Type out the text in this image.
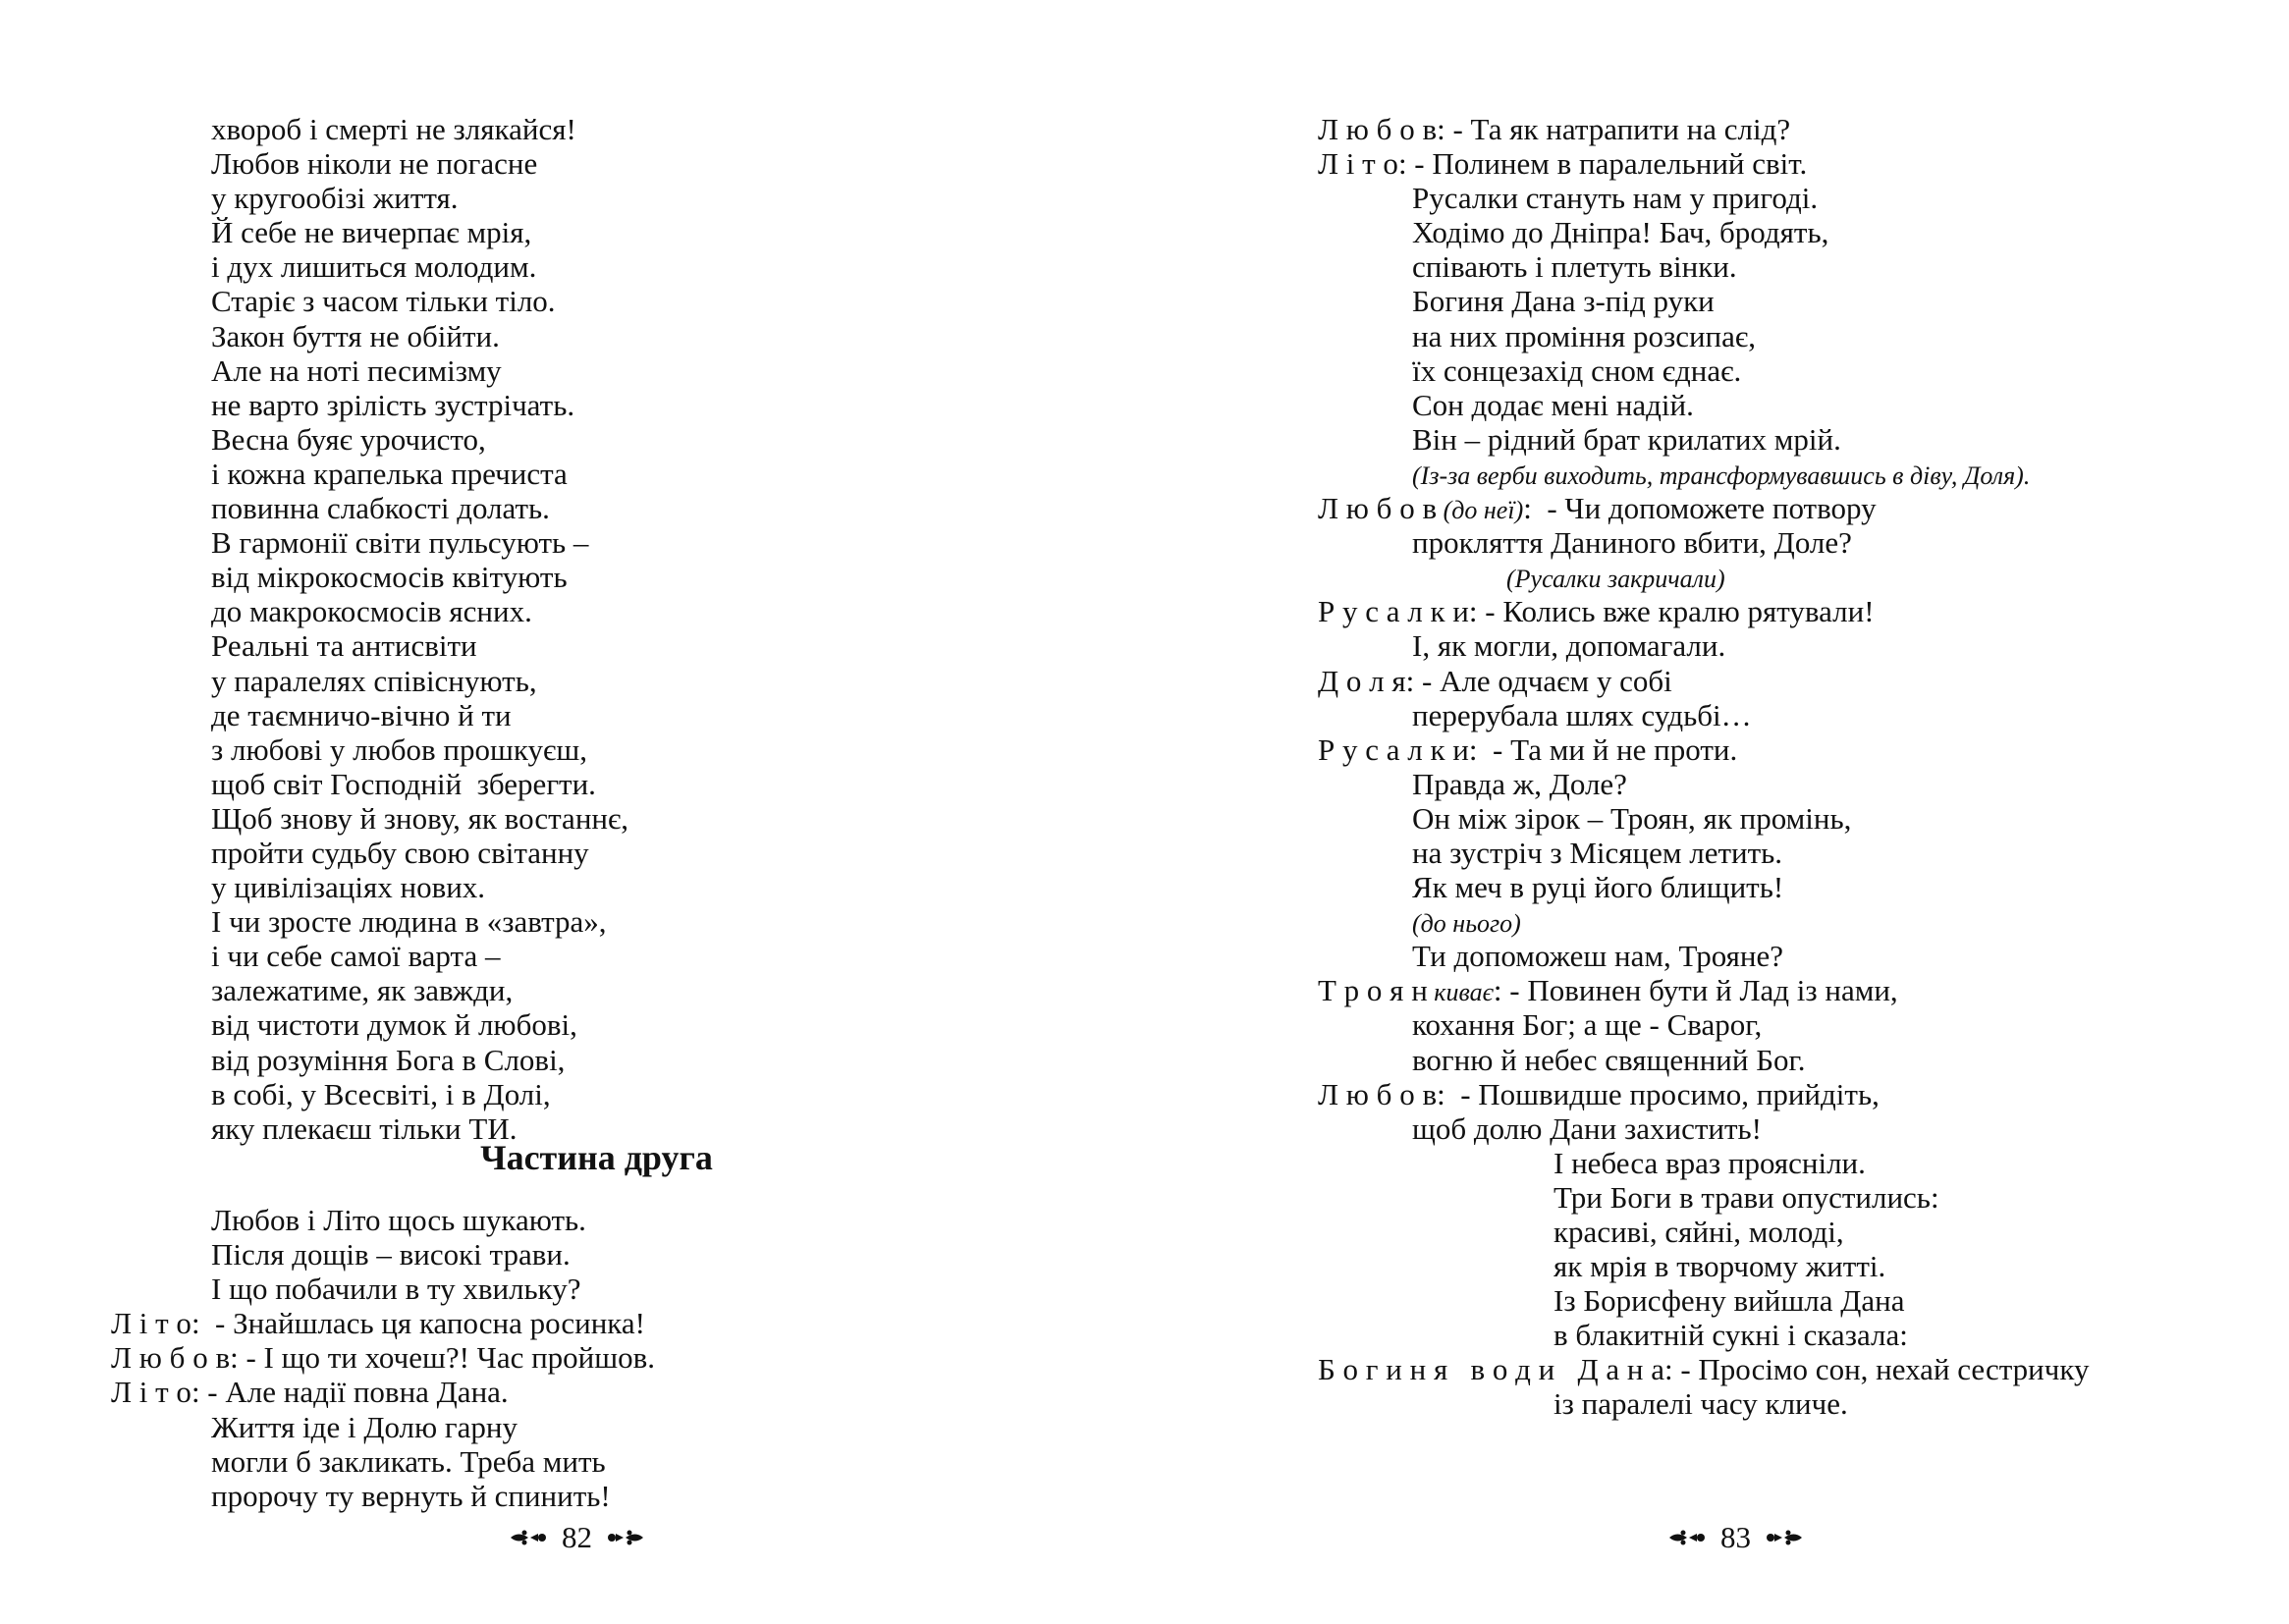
хвороб і смерті не злякайся!
Любов ніколи не погасне
у кругообізі життя.
Й себе не вичерпає мрія,
і дух лишиться молодим.
Старіє з часом тільки тіло.
Закон буття не обійти.
Але на ноті песимізму
не варто зрілість зустрічать.
Весна буяє урочисто,
і кожна крапелька пречиста
повинна слабкості долать.
В гармонії світи пульсують –
від мікрокосмосів квітують
до макрокосмосів ясних.
Реальні та антисвіти
у паралелях співіснують,
де таємничо-вічно й ти
з любові у любов прошкуєш,
щоб світ Господній  зберегти.
Щоб знову й знову, як востаннє,
пройти судьбу свою світанну
у цивілізаціях нових.
І чи зросте людина в «завтра»,
і чи себе самої варта –
залежатиме, як завжди,
від чистоти думок й любові,
від розуміння Бога в Слові,
в собі, у Всесвіті, і в Долі,
яку плекаєш тільки ТИ.
Частина друга
Любов і Літо щось шукають.
Після дощів – високі трави.
І що побачили в ту хвильку?
Л і т о:  - Знайшлась ця капосна росинка!
Л ю б о в: - І що ти хочеш?! Час пройшов.
Л і т о: - Але надії повна Дана.
Життя іде і Долю гарну
могли б закликать. Треба мить
пророчу ту вернуть й спинить!
82
Л ю б о в: - Та як натрапити на слід?
Л і т о: - Полинем в паралельний світ.
Русалки стануть нам у пригоді.
Ходімо до Дніпра! Бач, бродять,
співають і плетуть вінки.
Богиня Дана з-під руки
на них проміння розсипає,
їх сонцезахід сном єднає.
Сон додає мені надій.
Він – рідний брат крилатих мрій.
(Із-за верби виходить, трансформувавшись в діву, Доля).
Л ю б о в (до неї):  - Чи допоможете потвору
прокляття Даниного вбити, Доле?
(Русалки закричали)
Р у с а л к и: - Колись вже кралю рятували!
І, як могли, допомагали.
Д о л я: - Але одчаєм у собі
перерубала шлях судьбі…
Р у с а л к и:  - Та ми й не проти.
Правда ж, Доле?
Он між зірок – Троян, як промінь,
на зустріч з Місяцем летить.
Як меч в руці його блищить!
(до нього)
Ти допоможеш нам, Трояне?
Т р о я н киває: - Повинен бути й Лад із нами,
кохання Бог; а ще - Сварог,
вогню й небес священний Бог.
Л ю б о в:  - Пошвидше просимо, прийдіть,
щоб долю Дани захистить!
І небеса враз проясніли.
Три Боги в трави опустились:
красиві, сяйні, молоді,
як мрія в творчому житті.
Із Борисфену вийшла Дана
в блакитній сукні і сказала:
Б о г и н я   в о д и   Д а н а: - Просімо сон, нехай сестричку
із паралелі часу кличе.
83
